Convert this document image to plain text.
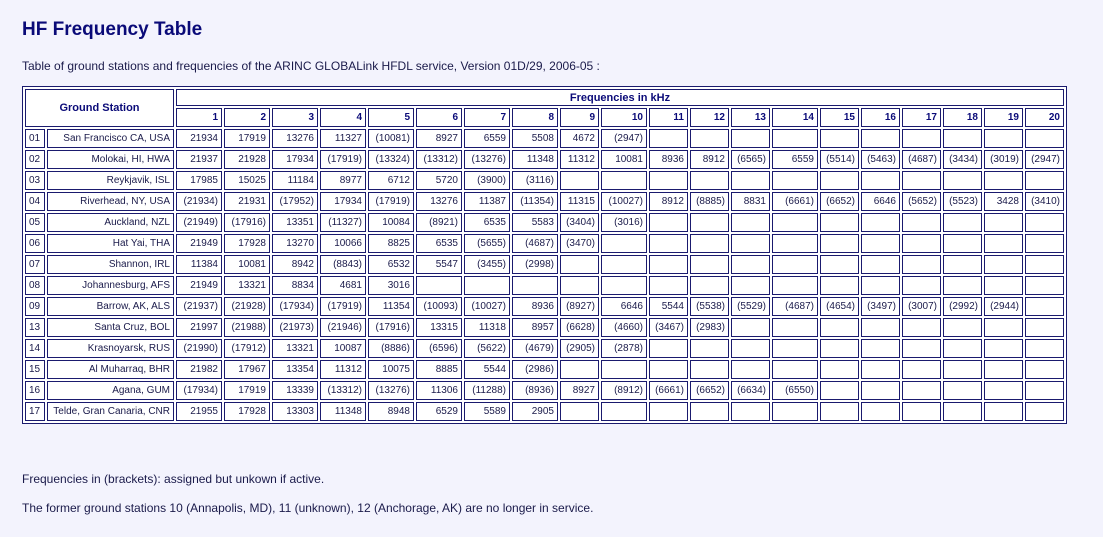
HF Frequency Table

Table of ground stations and frequencies of the ARINC GLOBALink HFDL service, Version 01D/29, 2006-05 :

Ground Station		Frequencies in kHz																			
		1	2	3	4	5	6	7	8	9	10	11	12	13	14	15	16	17	18	19	20
01	San Francisco CA, USA	21934	17919	13276	11327	(10081)	8927	6559	5508	4672	(2947)										
02	Molokai, HI, HWA	21937	21928	17934	(17919)	(13324)	(13312)	(13276)	11348	11312	10081	8936	8912	(6565)	6559	(5514)	(5463)	(4687)	(3434)	(3019)	(2947)
03	Reykjavik, ISL	17985	15025	11184	8977	6712	5720	(3900)	(3116)												
04	Riverhead, NY, USA	(21934)	21931	(17952)	17934	(17919)	13276	11387	(11354)	11315	(10027)	8912	(8885)	8831	(6661)	(6652)	6646	(5652)	(5523)	3428	(3410)
05	Auckland, NZL	(21949)	(17916)	13351	(11327)	10084	(8921)	6535	5583	(3404)	(3016)										
06	Hat Yai, THA	21949	17928	13270	10066	8825	6535	(5655)	(4687)	(3470)											
07	Shannon, IRL	11384	10081	8942	(8843)	6532	5547	(3455)	(2998)												
08	Johannesburg, AFS	21949	13321	8834	4681	3016															
09	Barrow, AK, ALS	(21937)	(21928)	(17934)	(17919)	11354	(10093)	(10027)	8936	(8927)	6646	5544	(5538)	(5529)	(4687)	(4654)	(3497)	(3007)	(2992)	(2944)	
13	Santa Cruz, BOL	21997	(21988)	(21973)	(21946)	(17916)	13315	11318	8957	(6628)	(4660)	(3467)	(2983)								
14	Krasnoyarsk, RUS	(21990)	(17912)	13321	10087	(8886)	(6596)	(5622)	(4679)	(2905)	(2878)										
15	Al Muharraq, BHR	21982	17967	13354	11312	10075	8885	5544	(2986)												
16	Agana, GUM	(17934)	17919	13339	(13312)	(13276)	11306	(11288)	(8936)	8927	(8912)	(6661)	(6652)	(6634)	(6550)						
17	Telde, Gran Canaria, CNR	21955	17928	13303	11348	8948	6529	5589	2905												

Frequencies in (brackets): assigned but unkown if active.

The former ground stations 10 (Annapolis, MD), 11 (unknown), 12 (Anchorage, AK) are no longer in service.
